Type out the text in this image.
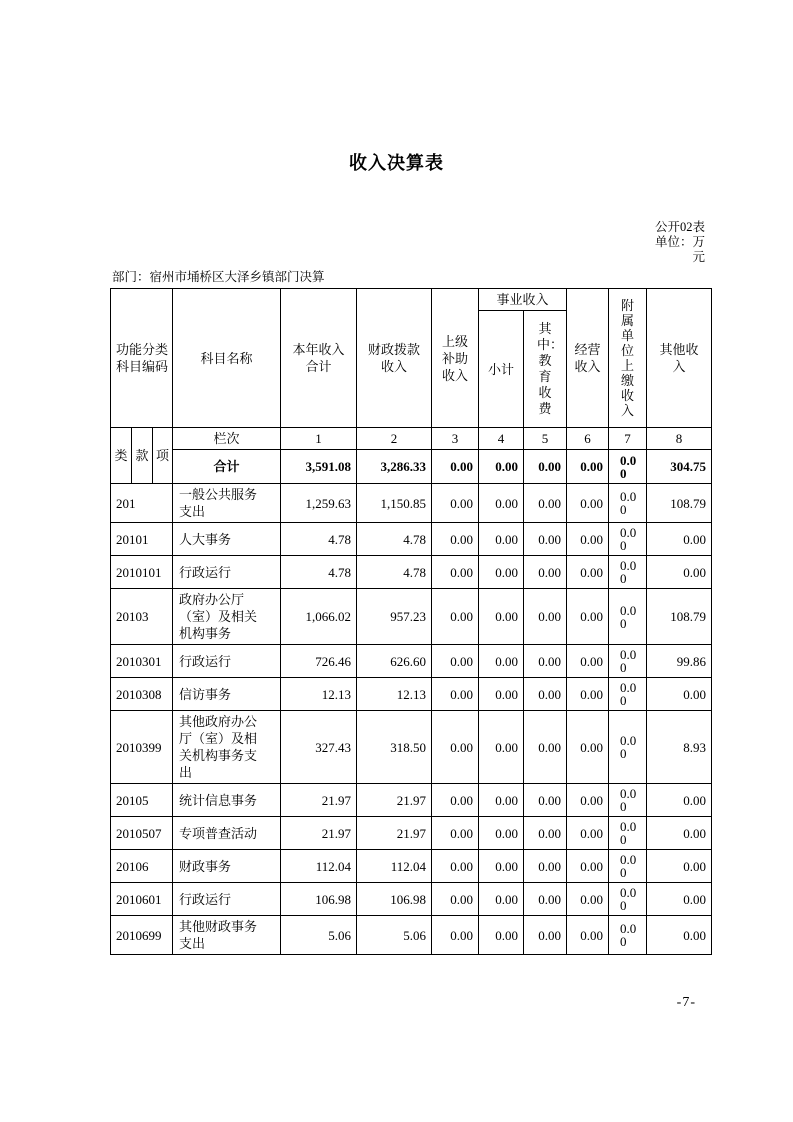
收入决算表
公开02表
单位：万元
部门：宿州市埇桥区大泽乡镇部门决算
功能分类科目编码			科目名称	本年收入合计	财政拨款收入	上级补助收入	事业收入		经营收入	附属单位上缴收入	其他收入
							小计	其中：教育收费			
类	款	项	栏次	1	2	3	4	5	6	7	8
			合计	3,591.08	3,286.33	0.00	0.00	0.00	0.00	0.00	304.75
201			一般公共服务支出	1,259.63	1,150.85	0.00	0.00	0.00	0.00	0.00	108.79
20101			人大事务	4.78	4.78	0.00	0.00	0.00	0.00	0.00	0.00
2010101			行政运行	4.78	4.78	0.00	0.00	0.00	0.00	0.00	0.00
20103			政府办公厅（室）及相关机构事务	1,066.02	957.23	0.00	0.00	0.00	0.00	0.00	108.79
2010301			行政运行	726.46	626.60	0.00	0.00	0.00	0.00	0.00	99.86
2010308			信访事务	12.13	12.13	0.00	0.00	0.00	0.00	0.00	0.00
2010399			其他政府办公厅（室）及相关机构事务支出	327.43	318.50	0.00	0.00	0.00	0.00	0.00	8.93
20105			统计信息事务	21.97	21.97	0.00	0.00	0.00	0.00	0.00	0.00
2010507			专项普查活动	21.97	21.97	0.00	0.00	0.00	0.00	0.00	0.00
20106			财政事务	112.04	112.04	0.00	0.00	0.00	0.00	0.00	0.00
2010601			行政运行	106.98	106.98	0.00	0.00	0.00	0.00	0.00	0.00
2010699			其他财政事务支出	5.06	5.06	0.00	0.00	0.00	0.00	0.00	0.00
-7-
